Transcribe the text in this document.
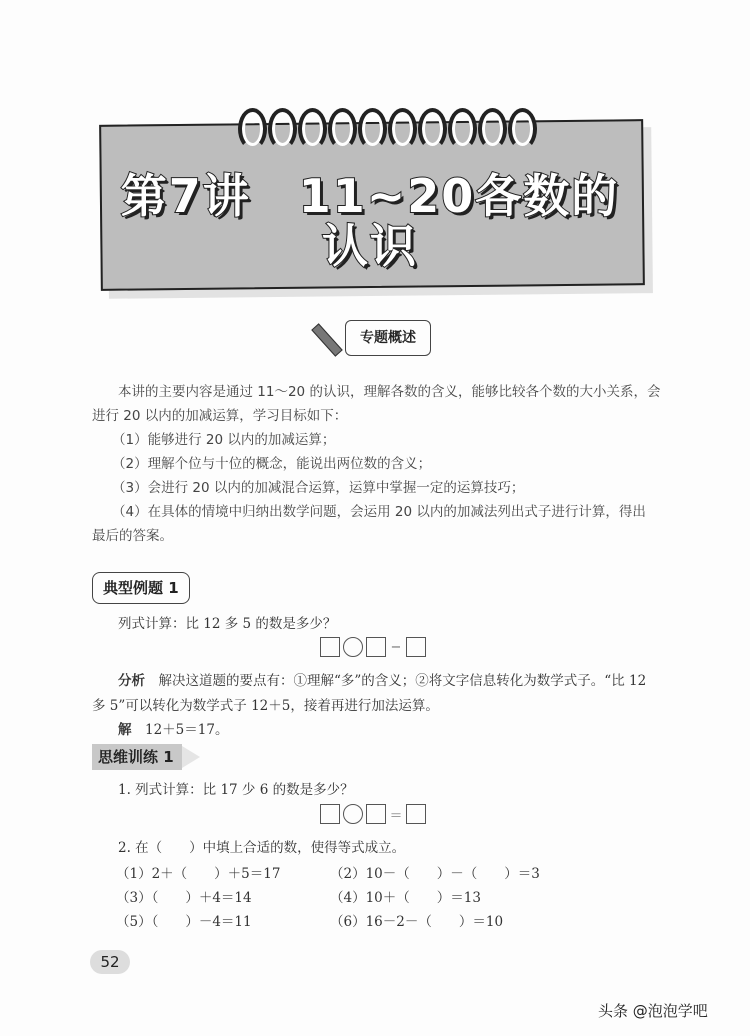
第7讲　11~20各数的
认识
专题概述
本讲的主要内容是通过 11～20 的认识，理解各数的含义，能够比较各个数的大小关系，会
进行 20 以内的加减运算，学习目标如下：
（1）能够进行 20 以内的加减运算；
（2）理解个位与十位的概念，能说出两位数的含义；
（3）会进行 20 以内的加减混合运算，运算中掌握一定的运算技巧；
（4）在具体的情境中归纳出数学问题，会运用 20 以内的加减法列出式子进行计算，得出
最后的答案。
典型例题 1
列式计算：比 12 多 5 的数是多少？
−
分析　 解决这道题的要点有：①理解“多”的含义；②将文字信息转化为数学式子。“比 12
多 5”可以转化为数学式子 12＋5，接着再进行加法运算。
解　 12＋5＝17。
思维训练 1
1. 列式计算：比 17 少 6 的数是多少？
＝
2. 在（　　）中填上合适的数，使得等式成立。
（1）2＋（　　）＋5＝17	（2）10－（　　）－（　　）＝3
（3）（　　）＋4＝14	（4）10＋（　　）＝13
（5）（　　）－4＝11	（6）16－2－（　　）＝10
52
头条 @泡泡学吧
